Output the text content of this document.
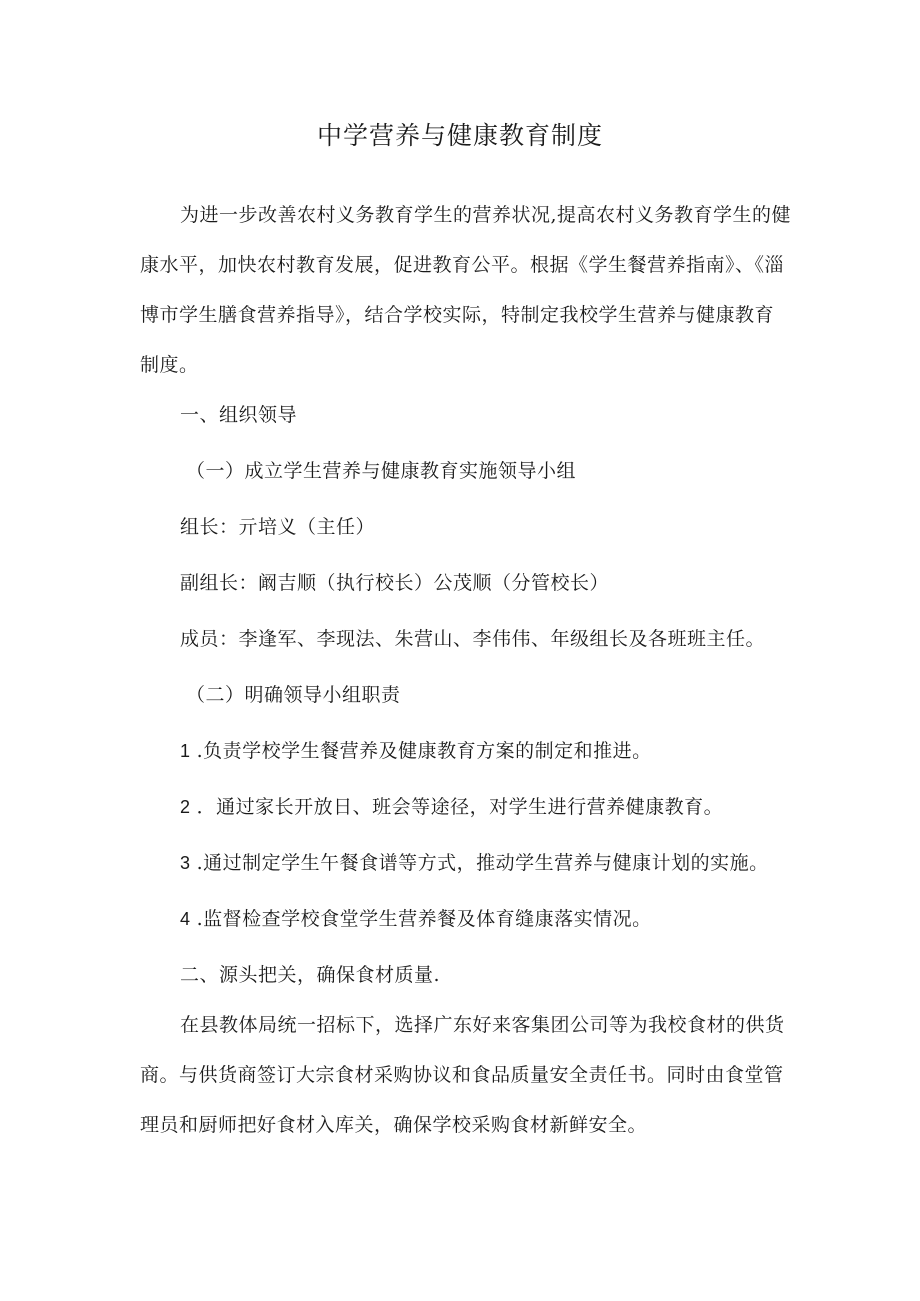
中学营养与健康教育制度
为进一步改善农村义务教育学生的营养状况,提高农村义务教育学生的健康水平，加快农村教育发展，促进教育公平。根据《学生餐营养指南》、《淄博市学生膳食营养指导》，结合学校实际，特制定我校学生营养与健康教育制度。
一、组织领导
（一）成立学生营养与健康教育实施领导小组
组长：亓培义（主任）
副组长：阚吉顺（执行校长）公茂顺（分管校长）
成员：李逢军、李现法、朱营山、李伟伟、年级组长及各班班主任。
（二）明确领导小组职责
1 .负责学校学生餐营养及健康教育方案的制定和推进。
2 ．通过家长开放日、班会等途径，对学生进行营养健康教育。
3 .通过制定学生午餐食谱等方式，推动学生营养与健康计划的实施。
4 .监督检查学校食堂学生营养餐及体育缝康落实情况。
二、源头把关，确保食材质量.
在县教体局统一招标下，选择广东好来客集团公司等为我校食材的供货商。与供货商签订大宗食材采购协议和食品质量安全责任书。同时由食堂管理员和厨师把好食材入库关，确保学校采购食材新鲜安全。
